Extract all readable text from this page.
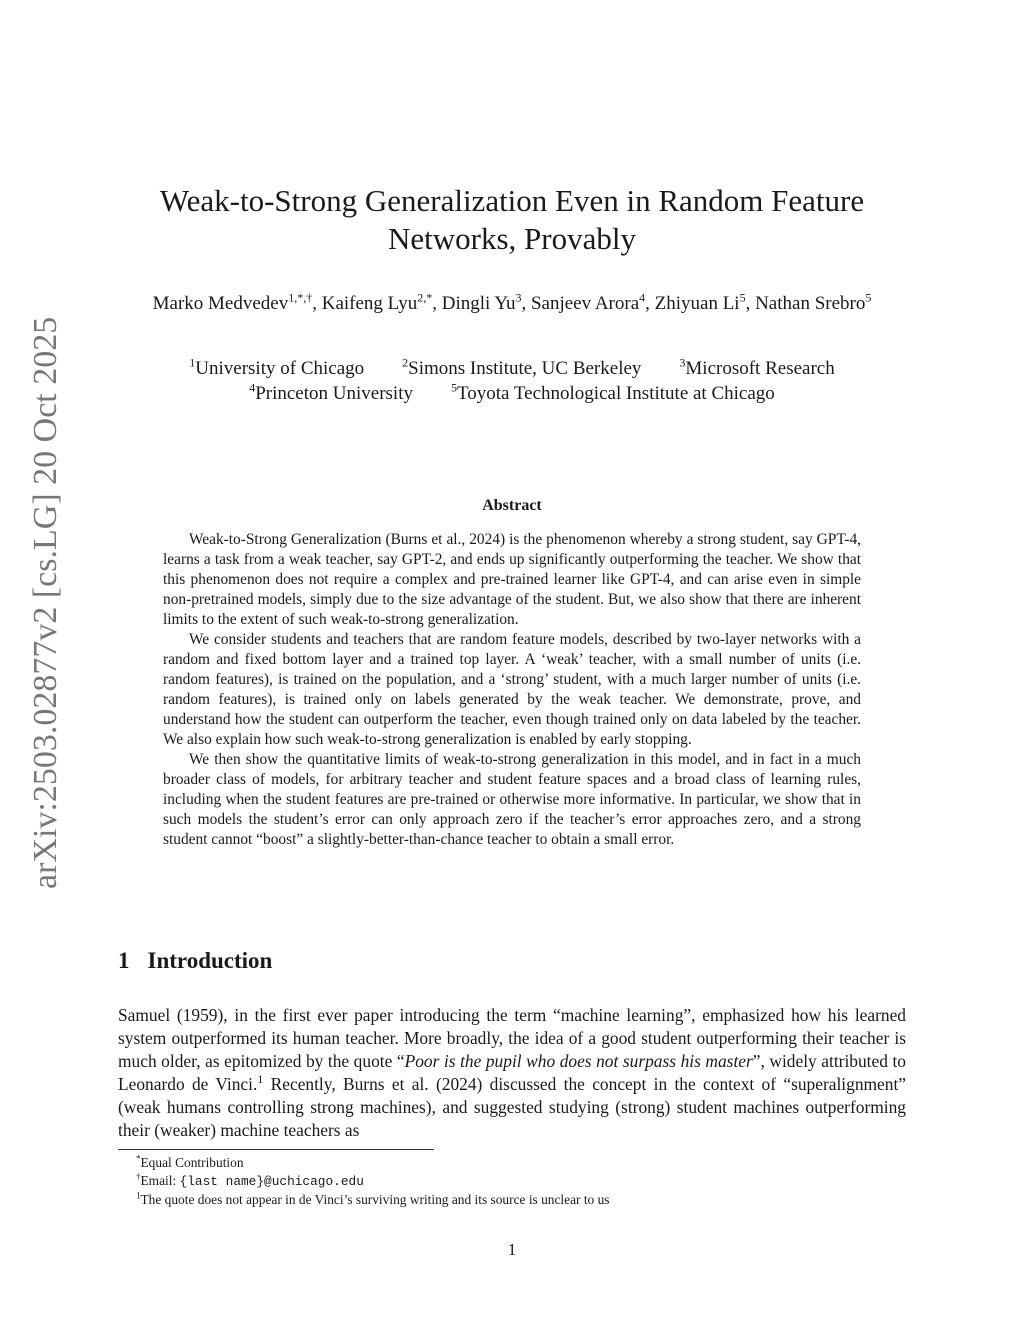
arXiv:2503.02877v2 [cs.LG] 20 Oct 2025
Weak-to-Strong Generalization Even in Random Feature Networks, Provably
Marko Medvedev$^{1,*,\dagger}$, Kaifeng Lyu$^{2,*}$, Dingli Yu$^3$, Sanjeev Arora$^4$, Zhiyuan Li$^5$, Nathan Srebro$^5$
$^1$University of Chicago	$^2$Simons Institute, UC Berkeley	$^3$Microsoft Research
$^4$Princeton University	$^5$Toyota Technological Institute at Chicago
Abstract

Weak-to-Strong Generalization (Burns et al., 2024) is the phenomenon whereby a strong student, say GPT-4, learns a task from a weak teacher, say GPT-2, and ends up significantly outperforming the teacher. We show that this phenomenon does not require a complex and pre-trained learner like GPT-4, and can arise even in simple non-pretrained models, simply due to the size advantage of the student. But, we also show that there are inherent limits to the extent of such weak-to-strong generalization.

We consider students and teachers that are random feature models, described by two-layer networks with a random and fixed bottom layer and a trained top layer. A ‘weak’ teacher, with a small number of units (i.e. random features), is trained on the population, and a ‘strong’ student, with a much larger number of units (i.e. random features), is trained only on labels generated by the weak teacher. We demonstrate, prove, and understand how the student can outperform the teacher, even though trained only on data labeled by the teacher. We also explain how such weak-to-strong generalization is enabled by early stopping.

We then show the quantitative limits of weak-to-strong generalization in this model, and in fact in a much broader class of models, for arbitrary teacher and student feature spaces and a broad class of learning rules, including when the student features are pre-trained or otherwise more informative. In particular, we show that in such models the student’s error can only approach zero if the teacher’s error approaches zero, and a strong student cannot “boost” a slightly-better-than-chance teacher to obtain a small error.

1 Introduction

Samuel (1959), in the first ever paper introducing the term “machine learning”, emphasized how his learned system outperformed its human teacher. More broadly, the idea of a good student outperforming their teacher is much older, as epitomized by the quote “Poor is the pupil who does not surpass his master”, widely attributed to Leonardo de Vinci.$^1$ Recently, Burns et al. (2024) discussed the concept in the context of “superalignment” (weak humans controlling strong machines), and suggested studying (strong) student machines outperforming their (weaker) machine teachers as

*Equal Contribution
†Email: {last name}@uchicago.edu
$^1$The quote does not appear in de Vinci’s surviving writing and its source is unclear to us
1
